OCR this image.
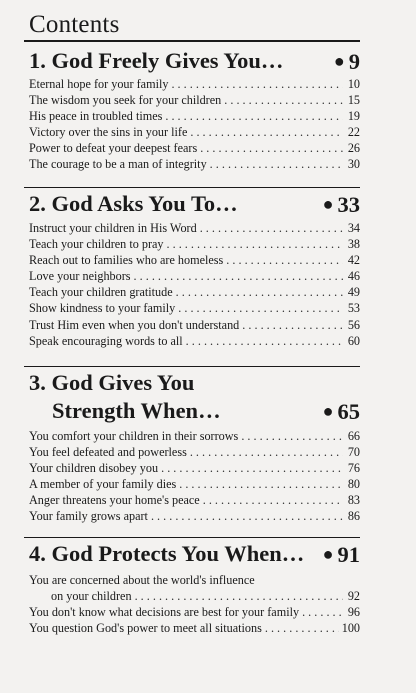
Contents
1. God Freely Gives You…	● 9
Eternal hope for your family . . .	10
The wisdom you seek for your children . . .	15
His peace in troubled times . . .	19
Victory over the sins in your life . . .	22
Power to defeat your deepest fears . . .	26
The courage to be a man of integrity . . .	30
2. God Asks You To…	● 33
Instruct your children in His Word . . .	34
Teach your children to pray . . .	38
Reach out to families who are homeless . . .	42
Love your neighbors . . .	46
Teach your children gratitude . . .	49
Show kindness to your family . . .	53
Trust Him even when you don't understand . . .	56
Speak encouraging words to all . . .	60
3. God Gives You
Strength When…	● 65
You comfort your children in their sorrows . . .	66
You feel defeated and powerless . . .	70
Your children disobey you . . .	76
A member of your family dies . . .	80
Anger threatens your home's peace . . .	83
Your family grows apart . . .	86
4. God Protects You When… ● 91
You are concerned about the world's influence
on your children . . .	92
You don't know what decisions are best for your family . . .	96
You question God's power to meet all situations . . .	100
